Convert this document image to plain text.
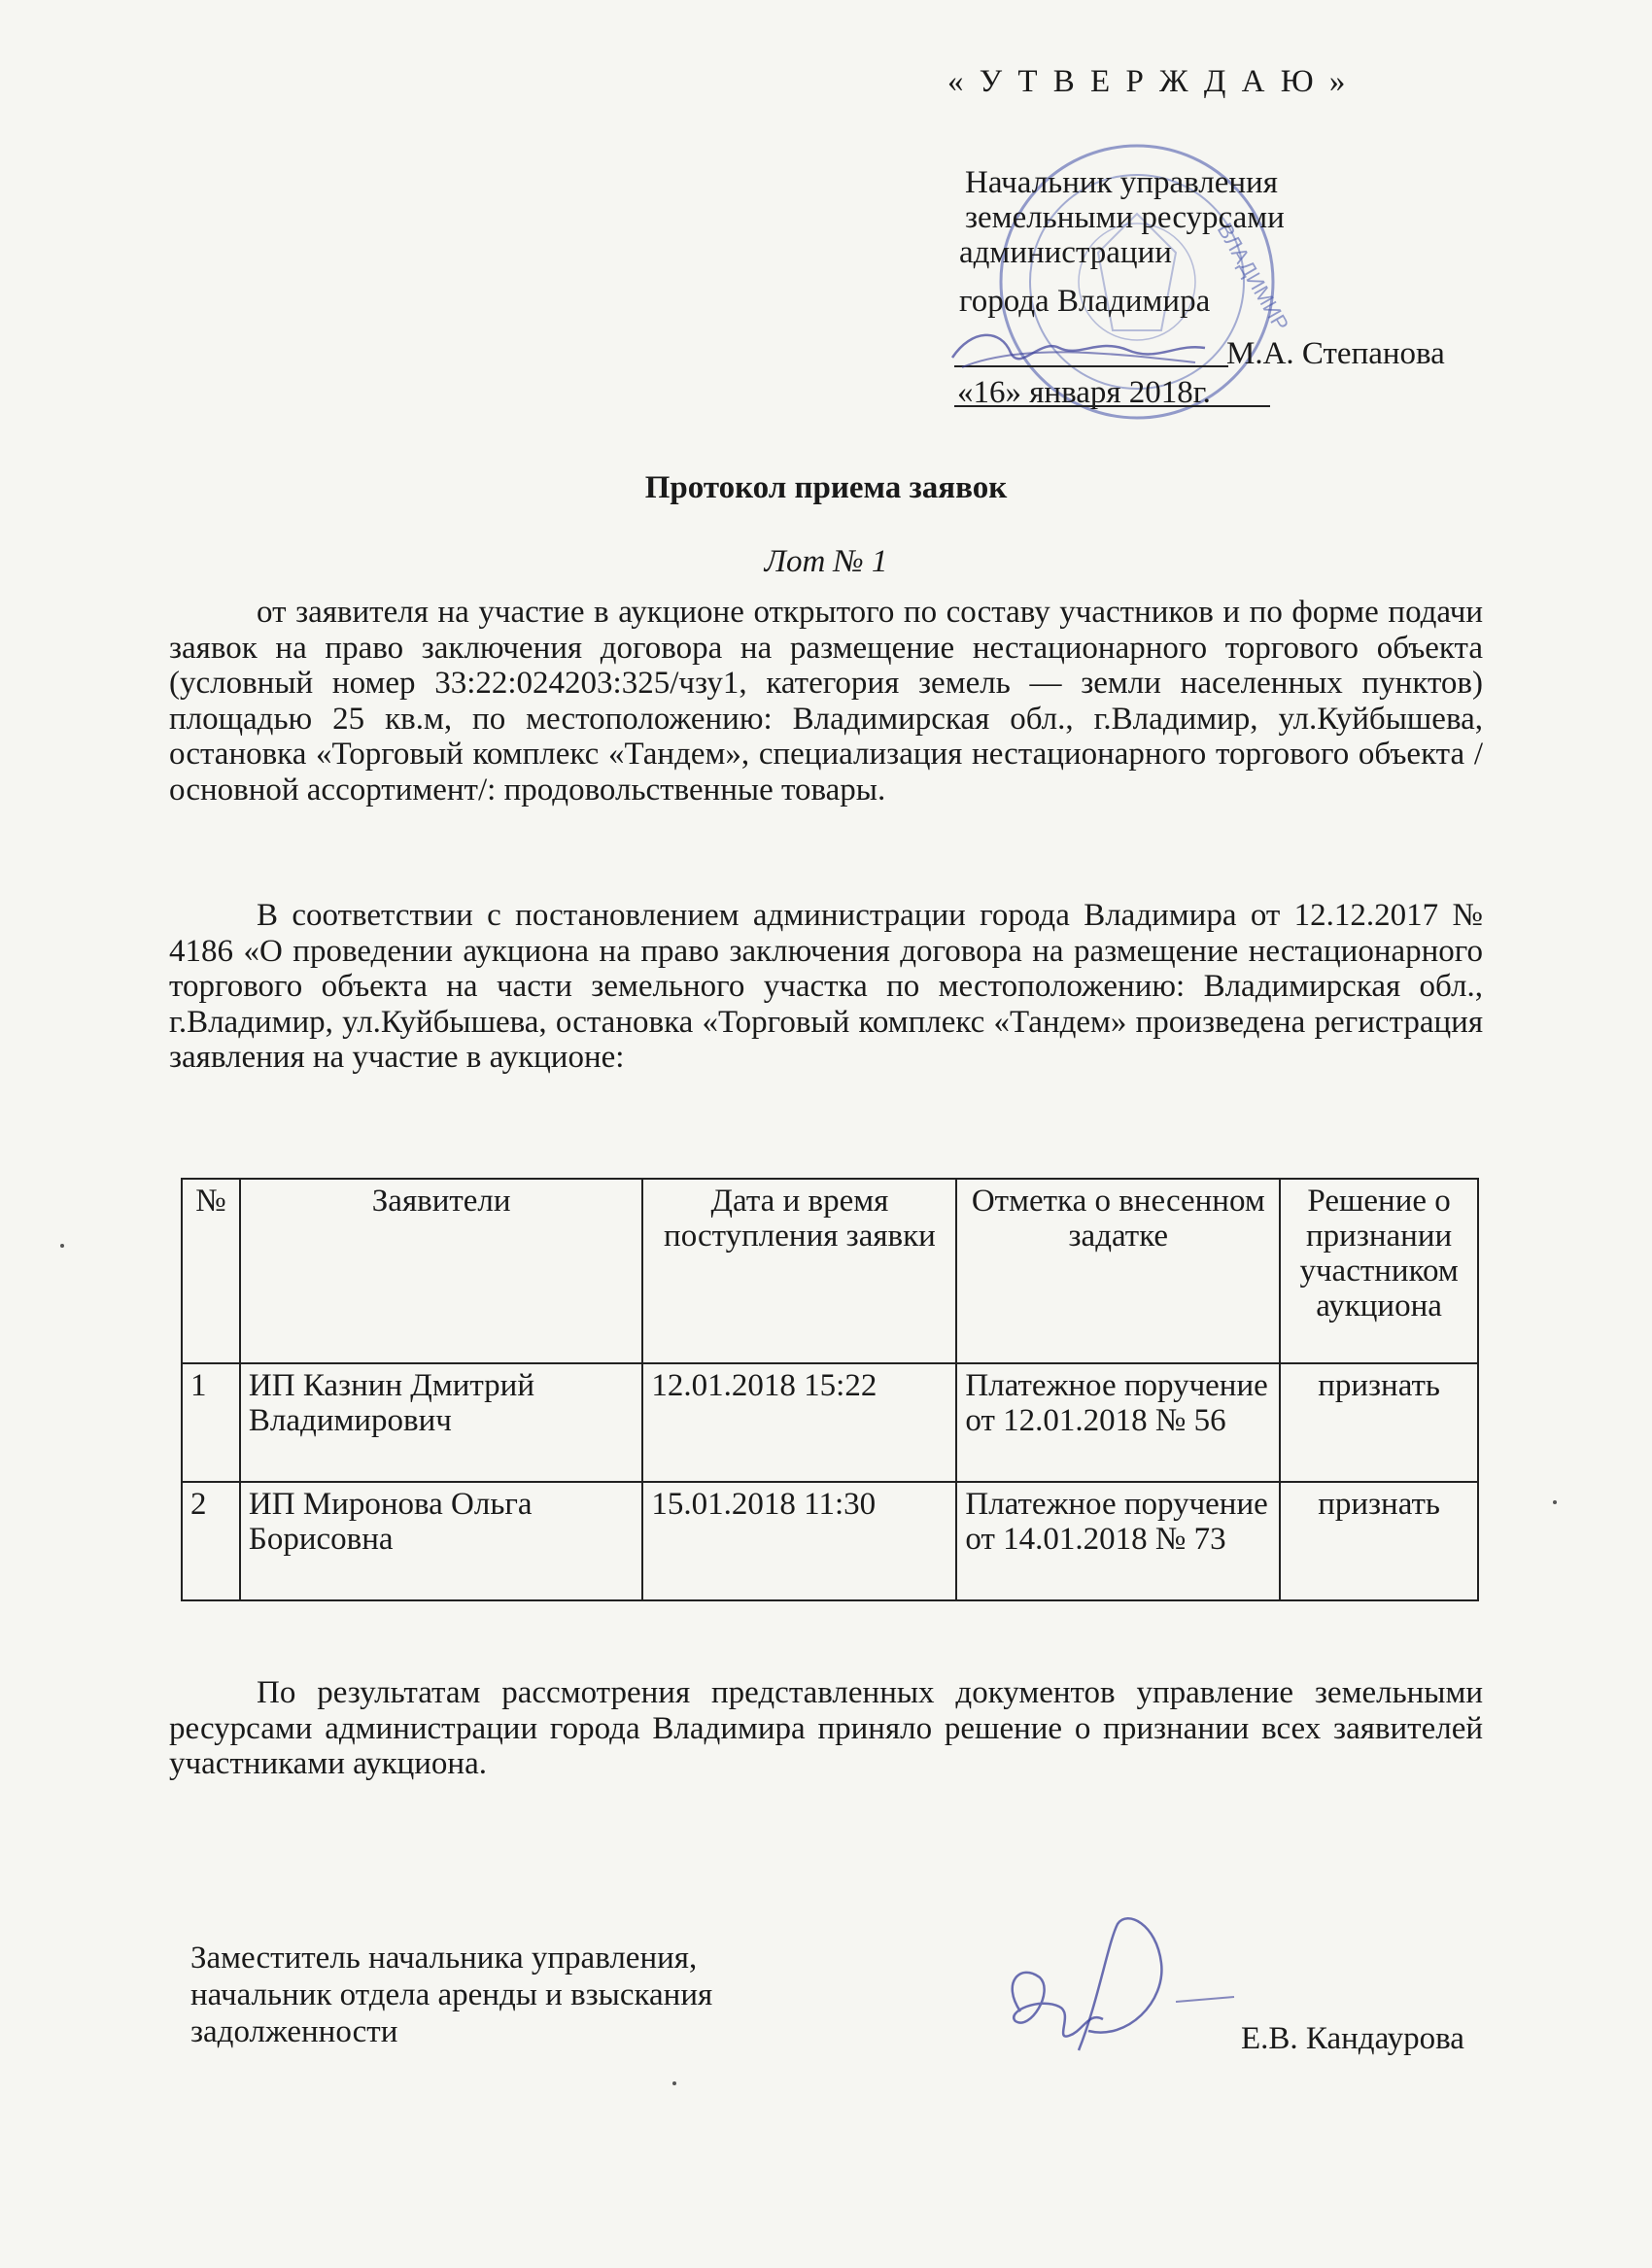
ВЛАДИМИР
« У Т В Е Р Ж Д А Ю »
Начальник управления
земельными ресурсами
администрации
города Владимира
М.А. Степанова
«16» января 2018г.
Протокол приема заявок
Лот № 1
от заявителя на участие в аукционе открытого по составу участников и по форме подачи заявок на право заключения договора на размещение нестационарного торгового объекта (условный номер 33:22:024203:325/чзу1, категория земель — земли населенных пунктов) площадью 25 кв.м, по местоположению: Владимирская обл., г.Владимир, ул.Куйбышева, остановка «Торговый комплекс «Тандем», специализация нестационарного торгового объекта /основной ассортимент/: продовольственные товары.
В соответствии с постановлением администрации города Владимира от 12.12.2017 № 4186 «О проведении аукциона на право заключения договора на размещение нестационарного торгового объекта на части земельного участка по местоположению: Владимирская обл., г.Владимир, ул.Куйбышева, остановка «Торговый комплекс «Тандем» произведена регистрация заявления на участие в аукционе:
№	Заявители	Дата и время поступления заявки	Отметка о внесенном задатке	Решение о признании участником аукциона
1	ИП Казнин Дмитрий Владимирович	12.01.2018 15:22	Платежное поручение от 12.01.2018 № 56	признать
2	ИП Миронова Ольга Борисовна	15.01.2018 11:30	Платежное поручение от 14.01.2018 № 73	признать
По результатам рассмотрения представленных документов управление земельными ресурсами администрации города Владимира приняло решение о признании всех заявителей участниками аукциона.
Заместитель начальника управления,
начальник отдела аренды и взыскания
задолженности	Е.В. Кандаурова
